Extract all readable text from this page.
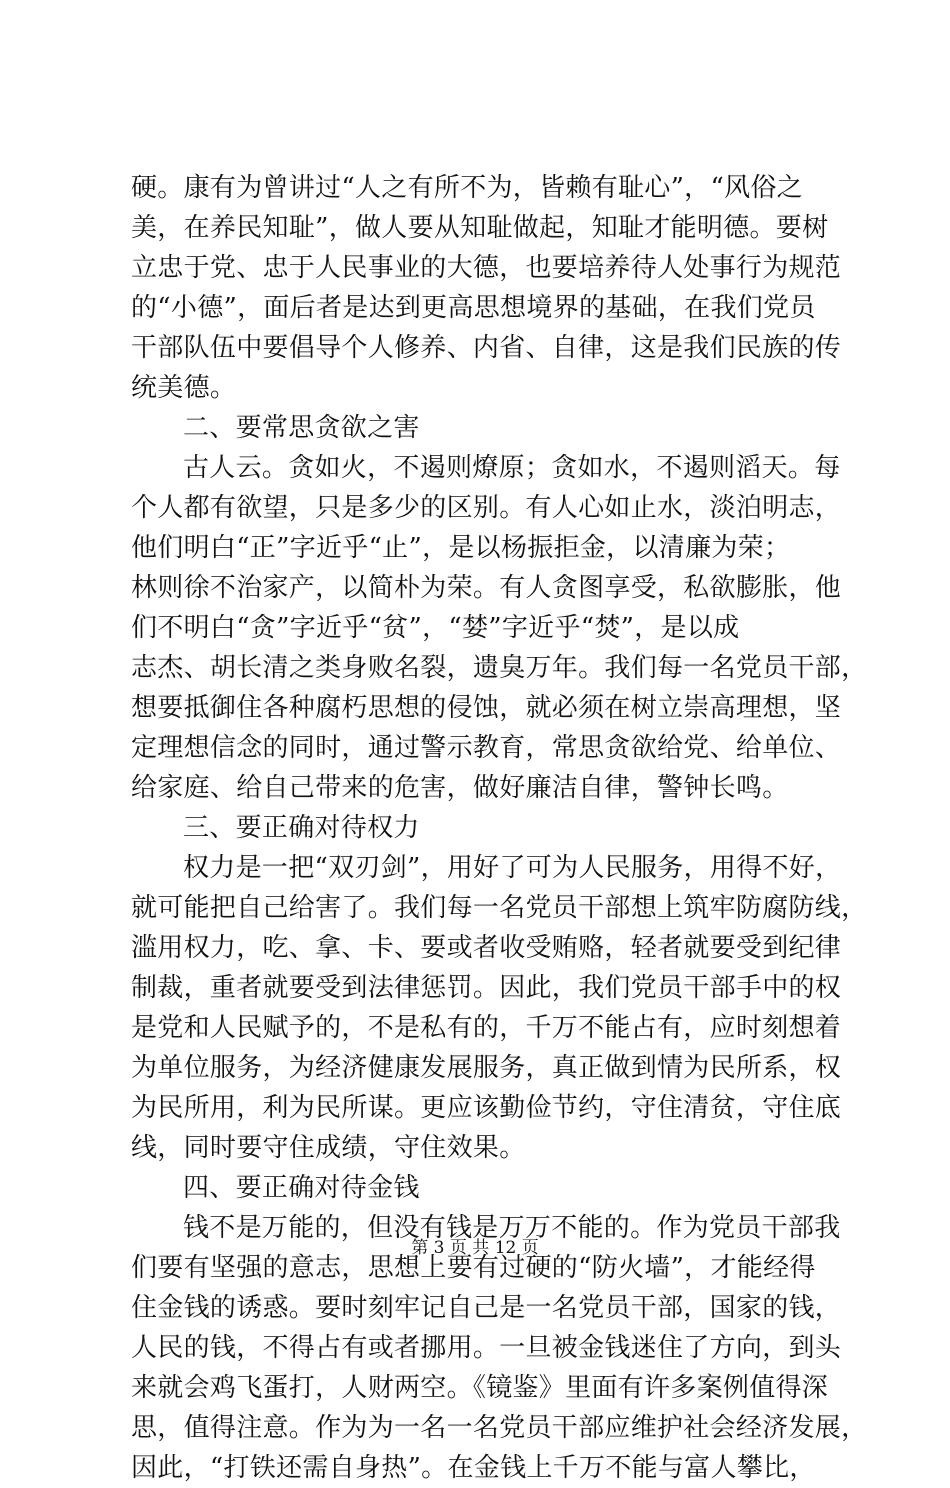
硬。康有为曾讲过“人之有所不为，皆赖有耻心”，“风俗之
美，在养民知耻”，做人要从知耻做起，知耻才能明德。要树
立忠于党、忠于人民事业的大德，也要培养待人处事行为规范
的“小德”，面后者是达到更高思想境界的基础，在我们党员
干部队伍中要倡导个人修养、内省、自律，这是我们民族的传
统美德。
二、要常思贪欲之害
古人云。贪如火，不遏则燎原；贪如水，不遏则滔天。每
个人都有欲望，只是多少的区别。有人心如止水，淡泊明志，
他们明白“正”字近乎“止”，是以杨振拒金，以清廉为荣；
林则徐不治家产，以简朴为荣。有人贪图享受，私欲膨胀，他
们不明白“贪”字近乎“贫”，“婪”字近乎“焚”，是以成
志杰、胡长清之类身败名裂，遗臭万年。我们每一名党员干部，
想要抵御住各种腐朽思想的侵蚀，就必须在树立崇高理想，坚
定理想信念的同时，通过警示教育，常思贪欲给党、给单位、
给家庭、给自己带来的危害，做好廉洁自律，警钟长鸣。
三、要正确对待权力
权力是一把“双刃剑”，用好了可为人民服务，用得不好，
就可能把自己给害了。我们每一名党员干部想上筑牢防腐防线，
滥用权力，吃、拿、卡、要或者收受贿赂，轻者就要受到纪律
制裁，重者就要受到法律惩罚。因此，我们党员干部手中的权
是党和人民赋予的，不是私有的，千万不能占有，应时刻想着
为单位服务，为经济健康发展服务，真正做到情为民所系，权
为民所用，利为民所谋。更应该勤俭节约，守住清贫，守住底
线，同时要守住成绩，守住效果。
四、要正确对待金钱
钱不是万能的，但没有钱是万万不能的。作为党员干部我
们要有坚强的意志，思想上要有过硬的“防火墙”，才能经得
住金钱的诱惑。要时刻牢记自己是一名党员干部，国家的钱，
人民的钱，不得占有或者挪用。一旦被金钱迷住了方向，到头
来就会鸡飞蛋打，人财两空。《镜鉴》里面有许多案例值得深
思，值得注意。作为为一名一名党员干部应维护社会经济发展，
因此，“打铁还需自身热”。在金钱上千万不能与富人攀比，
第 3 页 共 12 页
